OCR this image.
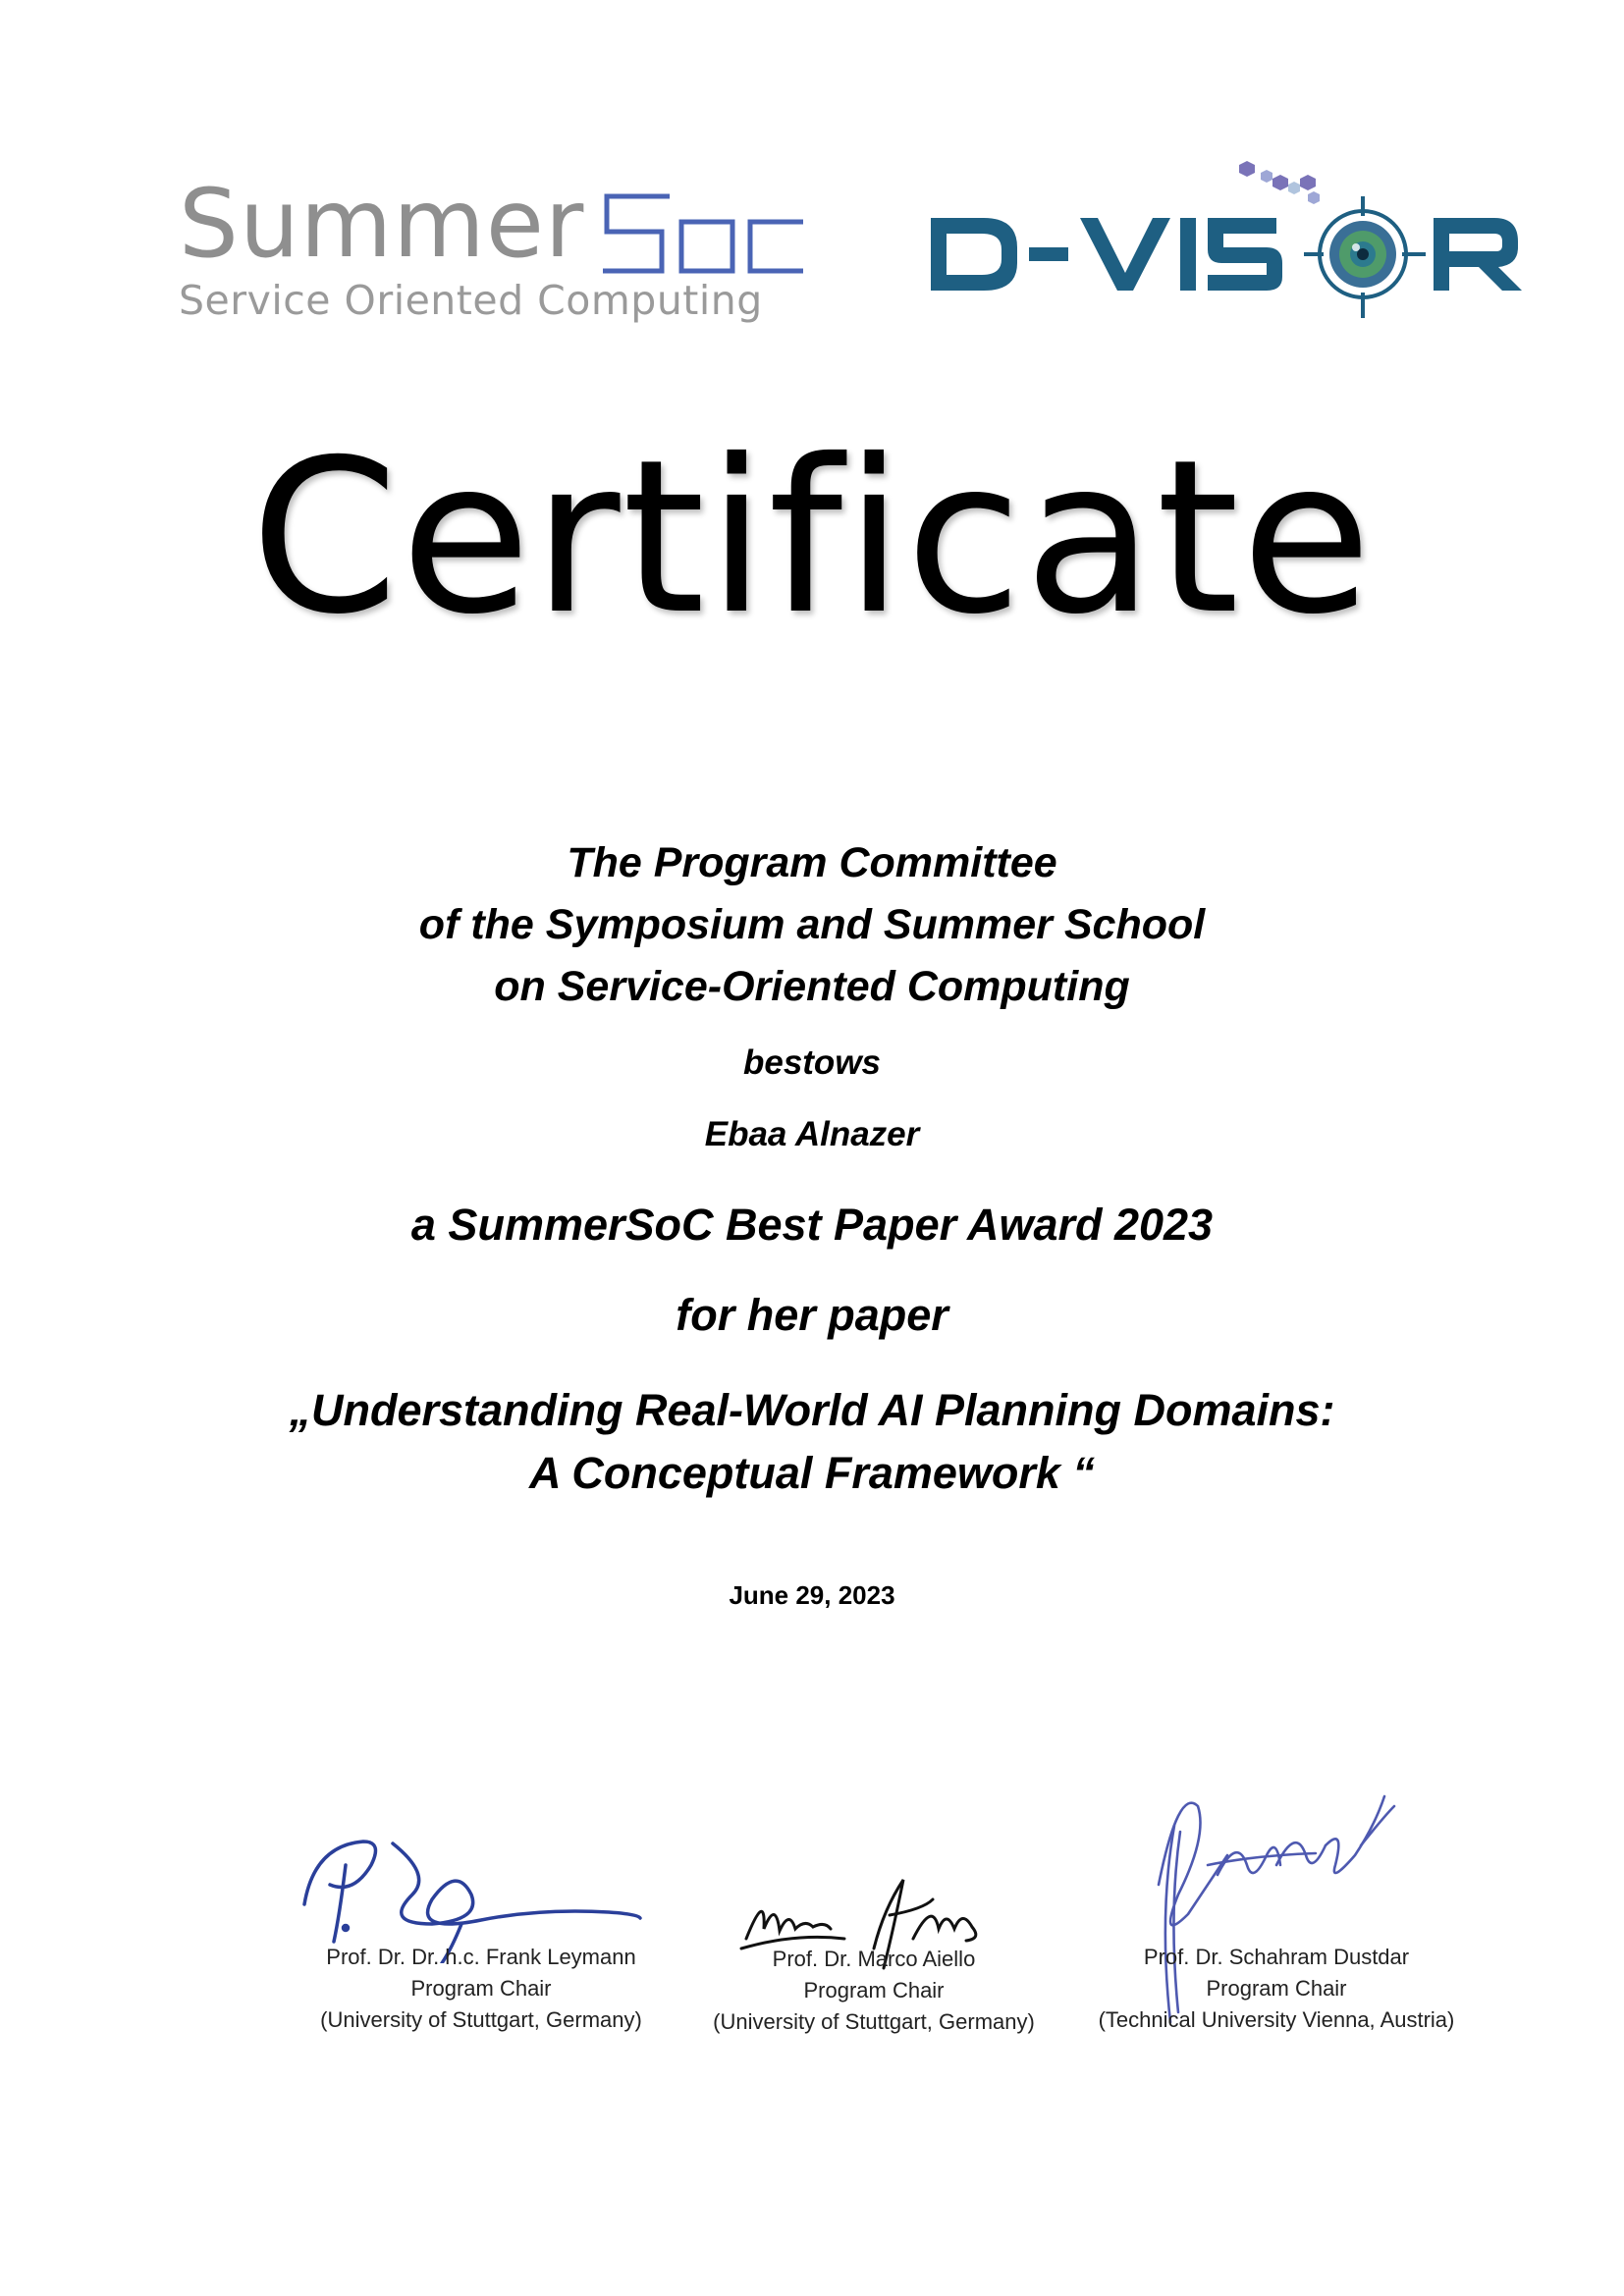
Summer
Service Oriented Computing
Certificate
The Program Committee
of the Symposium and Summer School
on Service-Oriented Computing
bestows
Ebaa Alnazer
a SummerSoC Best Paper Award 2023
for her paper
„Understanding Real-World AI Planning Domains:
A Conceptual Framework “
June 29, 2023
Prof. Dr. Dr. h.c. Frank Leymann
Program Chair
(University of Stuttgart, Germany)
Prof. Dr. Marco Aiello
Program Chair
(University of Stuttgart, Germany)
Prof. Dr. Schahram Dustdar
Program Chair
(Technical University Vienna, Austria)
